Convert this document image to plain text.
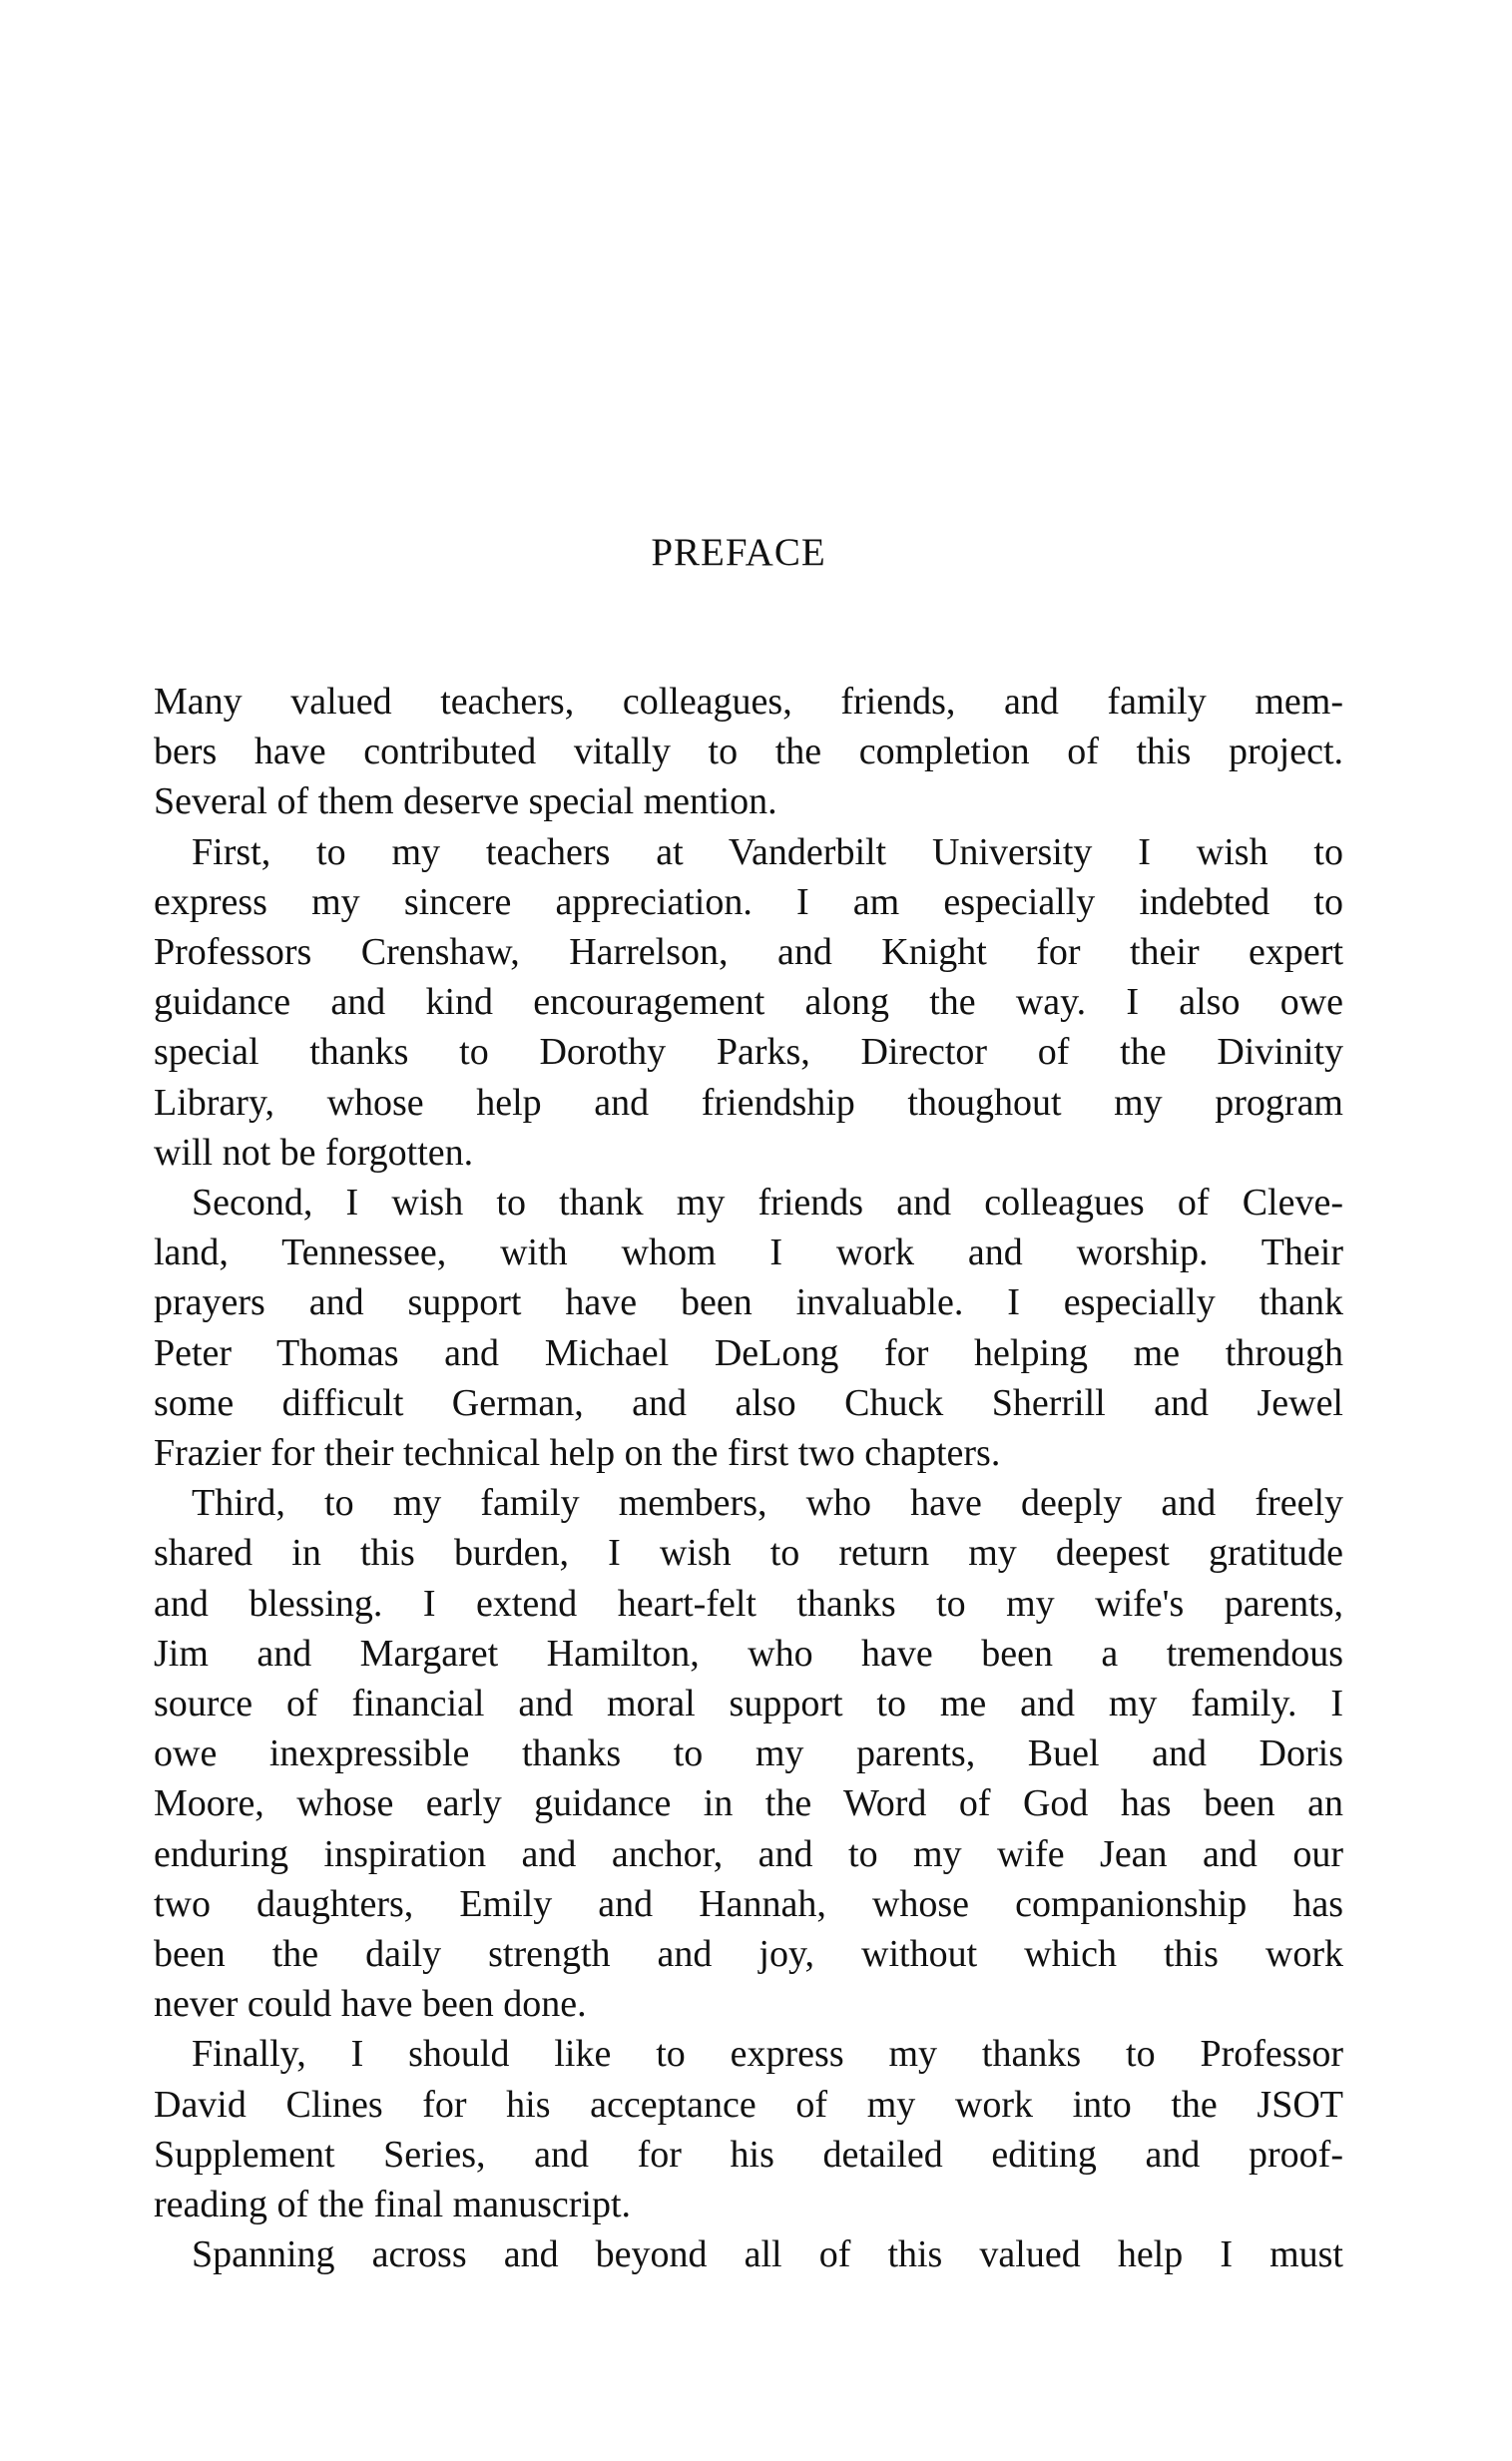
PREFACE

Many valued teachers, colleagues, friends, and family mem-
bers have contributed vitally to the completion of this project.
Several of them deserve special mention.

First, to my teachers at Vanderbilt University I wish to
express my sincere appreciation. I am especially indebted to
Professors Crenshaw, Harrelson, and Knight for their expert
guidance and kind encouragement along the way. I also owe
special thanks to Dorothy Parks, Director of the Divinity
Library, whose help and friendship thoughout my program
will not be forgotten.

Second, I wish to thank my friends and colleagues of Cleve-
land, Tennessee, with whom I work and worship. Their
prayers and support have been invaluable. I especially thank
Peter Thomas and Michael DeLong for helping me through
some difficult German, and also Chuck Sherrill and Jewel
Frazier for their technical help on the first two chapters.

Third, to my family members, who have deeply and freely
shared in this burden, I wish to return my deepest gratitude
and blessing. I extend heart-felt thanks to my wife's parents,
Jim and Margaret Hamilton, who have been a tremendous
source of financial and moral support to me and my family. I
owe inexpressible thanks to my parents, Buel and Doris
Moore, whose early guidance in the Word of God has been an
enduring inspiration and anchor, and to my wife Jean and our
two daughters, Emily and Hannah, whose companionship has
been the daily strength and joy, without which this work
never could have been done.

Finally, I should like to express my thanks to Professor
David Clines for his acceptance of my work into the JSOT
Supplement Series, and for his detailed editing and proof-
reading of the final manuscript.

Spanning across and beyond all of this valued help I must
